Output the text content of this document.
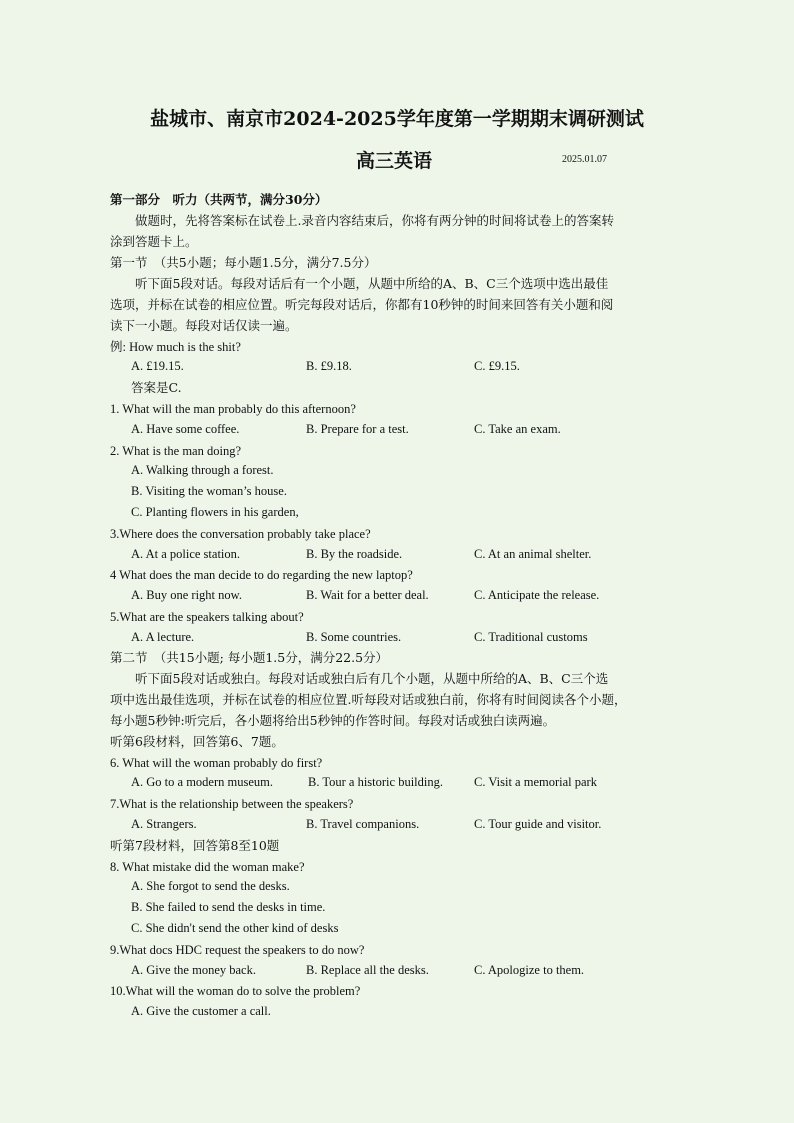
盐城市、南京市2024-2025学年度第一学期期末调研测试
高三英语	2025.01.07
第一部分　听力（共两节，满分30分）
　　做题时，先将答案标在试卷上.录音内容结束后，你将有两分钟的时间将试卷上的答案转
涂到答题卡上。
第一节　（共5小题；每小题1.5分，满分7.5分）
　　听下面5段对话。每段对话后有一个小题，从题中所给的A、B、C三个选项中选出最佳
选项，并标在试卷的相应位置。听完每段对话后，你都有10秒钟的时间来回答有关小题和阅
读下一小题。每段对话仅读一遍。
例: How much is the shit?
A. £19.15.	B. £9.18.	C. £9.15.
答案是C.
1. What will the man probably do this afternoon?
A. Have some coffee.	B. Prepare for a test.	C. Take an exam.
2. What is the man doing?
A. Walking through a forest.
B. Visiting the woman’s house.
C. Planting flowers in his garden,
3.Where does the conversation probably take place?
A. At a police station.	B. By the roadside.	C. At an animal shelter.
4 What does the man decide to do regarding the new laptop?
A. Buy one right now.	B. Wait for a better deal.	C. Anticipate the release.
5.What are the speakers talking about?
A. A lecture.	B. Some countries.	C. Traditional customs
第二节　（共15小题; 每小题1.5分，满分22.5分）
　　听下面5段对话或独白。每段对话或独白后有几个小题，从题中所给的A、B、C三个选
项中选出最佳选项，并标在试卷的相应位置.听每段对话或独白前，你将有时间阅读各个小题，
每小题5秒钟:听完后，各小题将给出5秒钟的作答时间。每段对话或独白读两遍。
听第6段材料，回答第6、7题。
6. What will the woman probably do first?
A. Go to a modern museum.	B. Tour a historic building. C. Visit a memorial park
7.What is the relationship between the speakers?
A. Strangers.	B. Travel companions.	C. Tour guide and visitor.
听第7段材料，回答第8至10题
8. What mistake did the woman make?
A. She forgot to send the desks.
B. She failed to send the desks in time.
C. She didn't send the other kind of desks
9.What docs HDC request the speakers to do now?
A. Give the money back.	B. Replace all the desks.	C. Apologize to them.
10.What will the woman do to solve the problem?
A. Give the customer a call.
